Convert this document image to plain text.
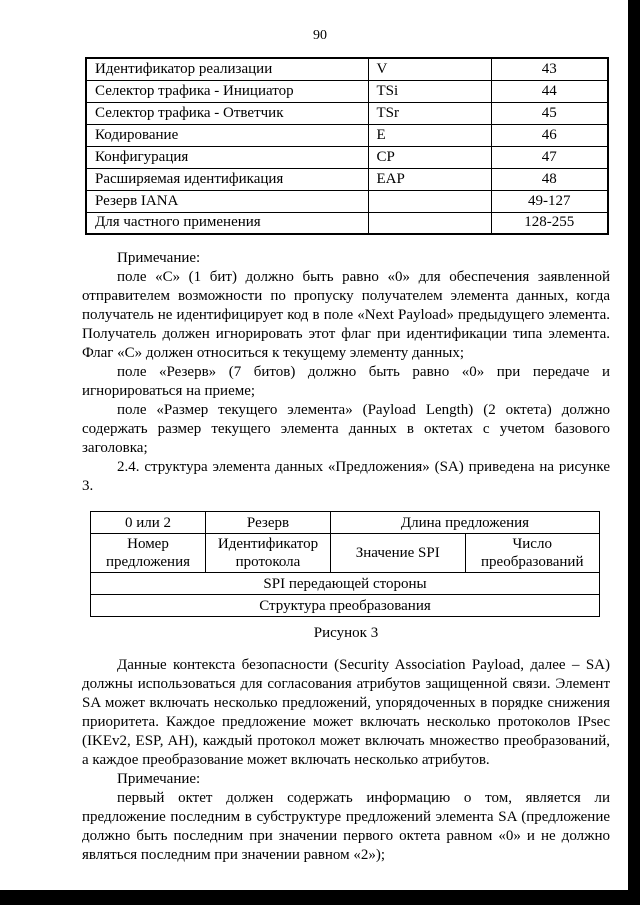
90
Идентификатор реализации	V	43
Селектор трафика - Инициатор	TSi	44
Селектор трафика - Ответчик	TSr	45
Кодирование	E	46
Конфигурация	CP	47
Расширяемая идентификация	EAP	48
Резерв IANA		49-127
Для частного применения		128-255

Примечание:

поле «С» (1 бит) должно быть равно «0» для обеспечения заявленной отправителем возможности по пропуску получателем элемента данных, когда получатель не идентифицирует код в поле «Next Payload» предыдущего элемента. Получатель должен игнорировать этот флаг при идентификации типа элемента. Флаг «С» должен относиться к текущему элементу данных;

поле «Резерв» (7 битов) должно быть равно «0» при передаче и игнорироваться на приеме;

поле «Размер текущего элемента» (Payload Length) (2 октета) должно содержать размер текущего элемента данных в октетах с учетом базового заголовка;

2.4. структура элемента данных «Предложения» (SA) приведена на рисунке 3.

0 или 2	Резерв	Длина предложения	
Номер предложения	Идентификатор протокола	Значение SPI	Число преобразований
SPI передающей стороны			
Структура преобразования			
Рисунок 3

Данные контекста безопасности (Security Association Payload, далее – SA) должны использоваться для согласования атрибутов защищенной связи. Элемент SA может включать несколько предложений, упорядоченных в порядке снижения приоритета. Каждое предложение может включать несколько протоколов IPsec (IKEv2, ESP, AH), каждый протокол может включать множество преобразований, а каждое преобразование может включать несколько атрибутов.

Примечание:

первый октет должен содержать информацию о том, является ли предложение последним в субструктуре предложений элемента SA (предложение должно быть последним при значении первого октета равном «0» и не должно являться последним при значении равном «2»);
